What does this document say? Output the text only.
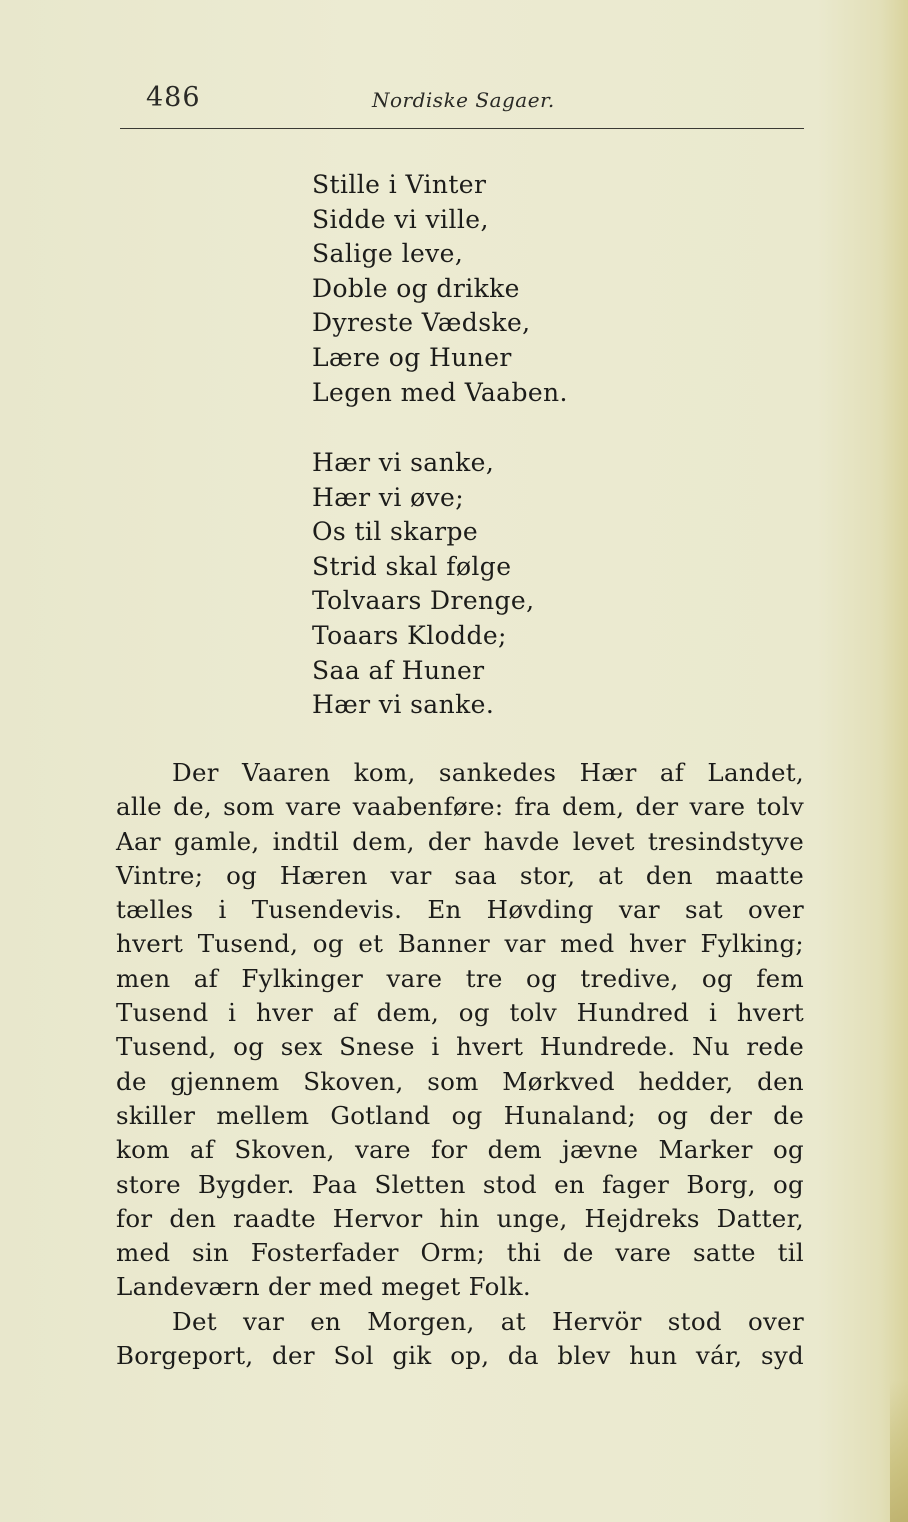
486	Nordiske Sagaer.
Stille i Vinter
Sidde vi ville,
Salige leve,
Doble og drikke
Dyreste Vædske,
Lære og Huner
Legen med Vaaben.
Hær vi sanke,
Hær vi øve;
Os til skarpe
Strid skal følge
Tolvaars Drenge,
Toaars Klodde;
Saa af Huner
Hær vi sanke.
Der Vaaren kom, sankedes Hær af Landet,
alle de, som vare vaabenføre: fra dem, der vare tolv
Aar gamle, indtil dem, der havde levet tresindstyve
Vintre; og Hæren var saa stor, at den maatte
tælles i Tusendevis. En Høvding var sat over
hvert Tusend, og et Banner var med hver Fylking;
men af Fylkinger vare tre og tredive, og fem
Tusend i hver af dem, og tolv Hundred i hvert
Tusend, og sex Snese i hvert Hundrede. Nu rede
de gjennem Skoven, som Mørkved hedder, den
skiller mellem Gotland og Hunaland; og der de
kom af Skoven, vare for dem jævne Marker og
store Bygder. Paa Sletten stod en fager Borg, og
for den raadte Hervor hin unge, Hejdreks Datter,
med sin Fosterfader Orm; thi de vare satte til
Landeværn der med meget Folk.
Det var en Morgen, at Hervör stod over
Borgeport, der Sol gik op, da blev hun vár, syd
